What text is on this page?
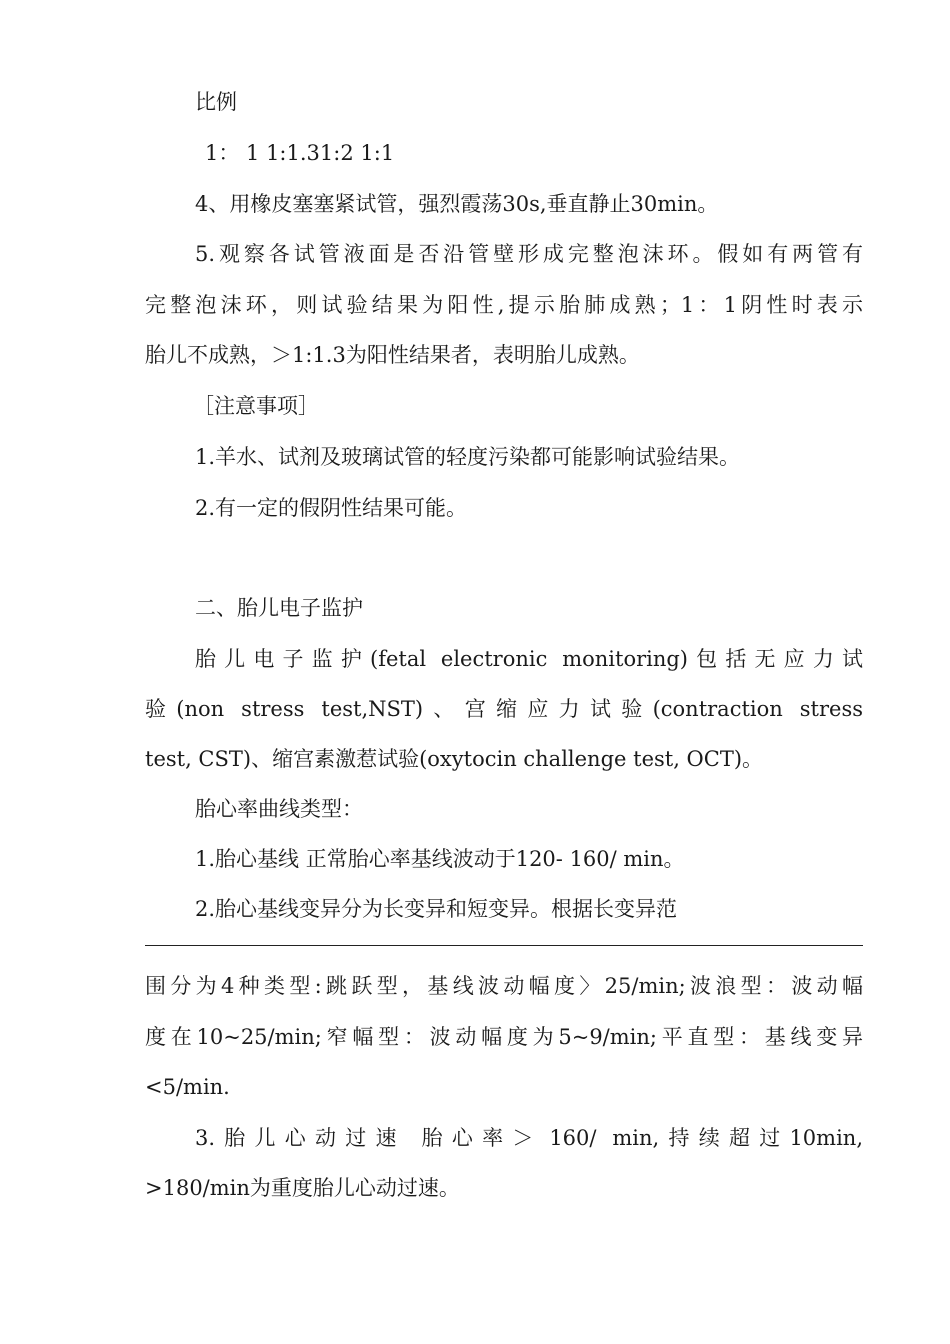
比例
1： 1 1:1.31:2 1:1
4、用橡皮塞塞紧试管，强烈霞荡30s,垂直静止30min。
5.观察各试管液面是否沿管壁形成完整泡沫环。假如有两管有
完整泡沫环，则试验结果为阳性,提示胎肺成熟；1：1阴性时表示
胎儿不成熟，＞1:1.3为阳性结果者，表明胎儿成熟。
［注意事项］
1.羊水、试剂及玻璃试管的轻度污染都可能影响试验结果。
2.有一定的假阴性结果可能。
二、胎儿电子监护
胎儿电子监护(fetal electronic monitoring)包括无应力试
验(non stress test,NST)、宫缩应力试验(contraction stress
test, CST)、缩宫素激惹试验(oxytocin challenge test, OCT)。
胎心率曲线类型：
1.胎心基线 正常胎心率基线波动于120- 160/ min。
2.胎心基线变异分为长变异和短变异。根据长变异范
围分为4种类型:跳跃型，基线波动幅度〉25/min;波浪型：波动幅
度在10~25/min;窄幅型：波动幅度为5~9/min;平直型：基线变异
<5/min.
3.胎儿心动过速 胎心率＞ 160/ min,持续超过10min,
>180/min为重度胎儿心动过速。
